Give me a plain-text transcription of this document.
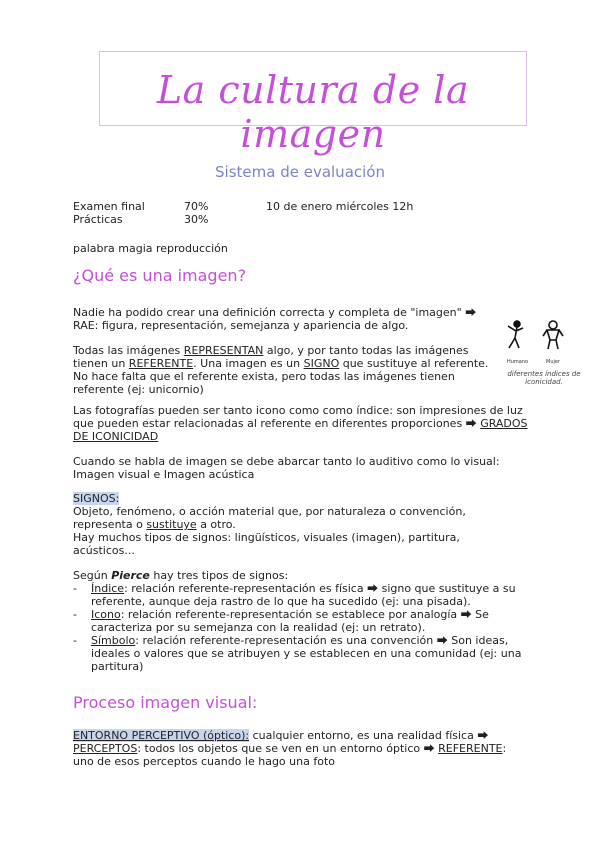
La cultura de la imagen
Sistema de evaluación
Examen final	70%	10 de enero miércoles 12h
Prácticas	30%
palabra magia reproducción
¿Qué es una imagen?
Nadie ha podido crear una definición correcta y completa de "imagen" ⮕ RAE: figura, representación, semejanza y apariencia de algo.
Todas las imágenes REPRESENTAN algo, y por tanto todas las imágenes tienen un REFERENTE. Una imagen es un SIGNO que sustituye al referente. No hace falta que el referente exista, pero todas las imágenes tienen referente (ej: unicornio)
Humano	Mujer
diferentes índices de iconicidad.
Las fotografías pueden ser tanto icono como como índice: son impresiones de luz que pueden estar relacionadas al referente en diferentes proporciones ⮕ GRADOS DE ICONICIDAD
Cuando se habla de imagen se debe abarcar tanto lo auditivo como lo visual: Imagen visual e Imagen acústica
SIGNOS:
Objeto, fenómeno, o acción material que, por naturaleza o convención, representa o sustituye a otro.
Hay muchos tipos de signos: lingüísticos, visuales (imagen), partitura, acústicos...
Según Pierce hay tres tipos de signos:
- Índice: relación referente-representación es física ⮕ signo que sustituye a su referente, aunque deja rastro de lo que ha sucedido (ej: una pisada).
- Icono: relación referente-representación se establece por analogía ⮕ Se caracteriza por su semejanza con la realidad (ej: un retrato).
- Símbolo: relación referente-representación es una convención ⮕ Son ideas, ideales o valores que se atribuyen y se establecen en una comunidad (ej: una partitura)
Proceso imagen visual:
ENTORNO PERCEPTIVO (óptico): cualquier entorno, es una realidad física ⮕ PERCEPTOS: todos los objetos que se ven en un entorno óptico ⮕ REFERENTE: uno de esos perceptos cuando le hago una foto
